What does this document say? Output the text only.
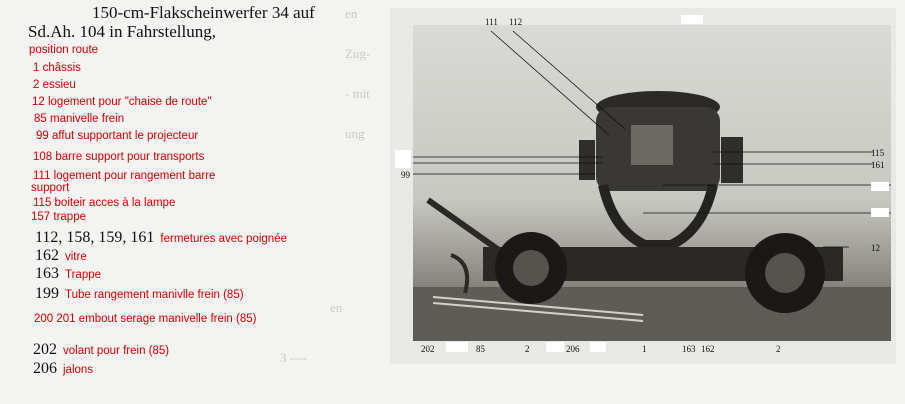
en
Zug-
- mit
ung
en
3 ----
150-cm-Flakscheinwerfer 34 auf
Sd.Ah. 104 in Fahrstellung,
position route
1 châssis
2 essieu
12 logement pour "chaise de route"
85 manivelle frein
99 affut supportant le projecteur
108 barre support pour transports
111 logement pour rangement barre
support
115 boiteir acces à la lampe
157 trappe
112, 158, 159, 161 fermetures avec poignée
162 vitre
163 Trappe
199 Tube rangement manivlle frein (85)
200 201 embout serage manivelle frein (85)
202 volant pour frein (85)
206 jalons
111 112
99
115
161
12
202	85	2	206	1	163 162	2
